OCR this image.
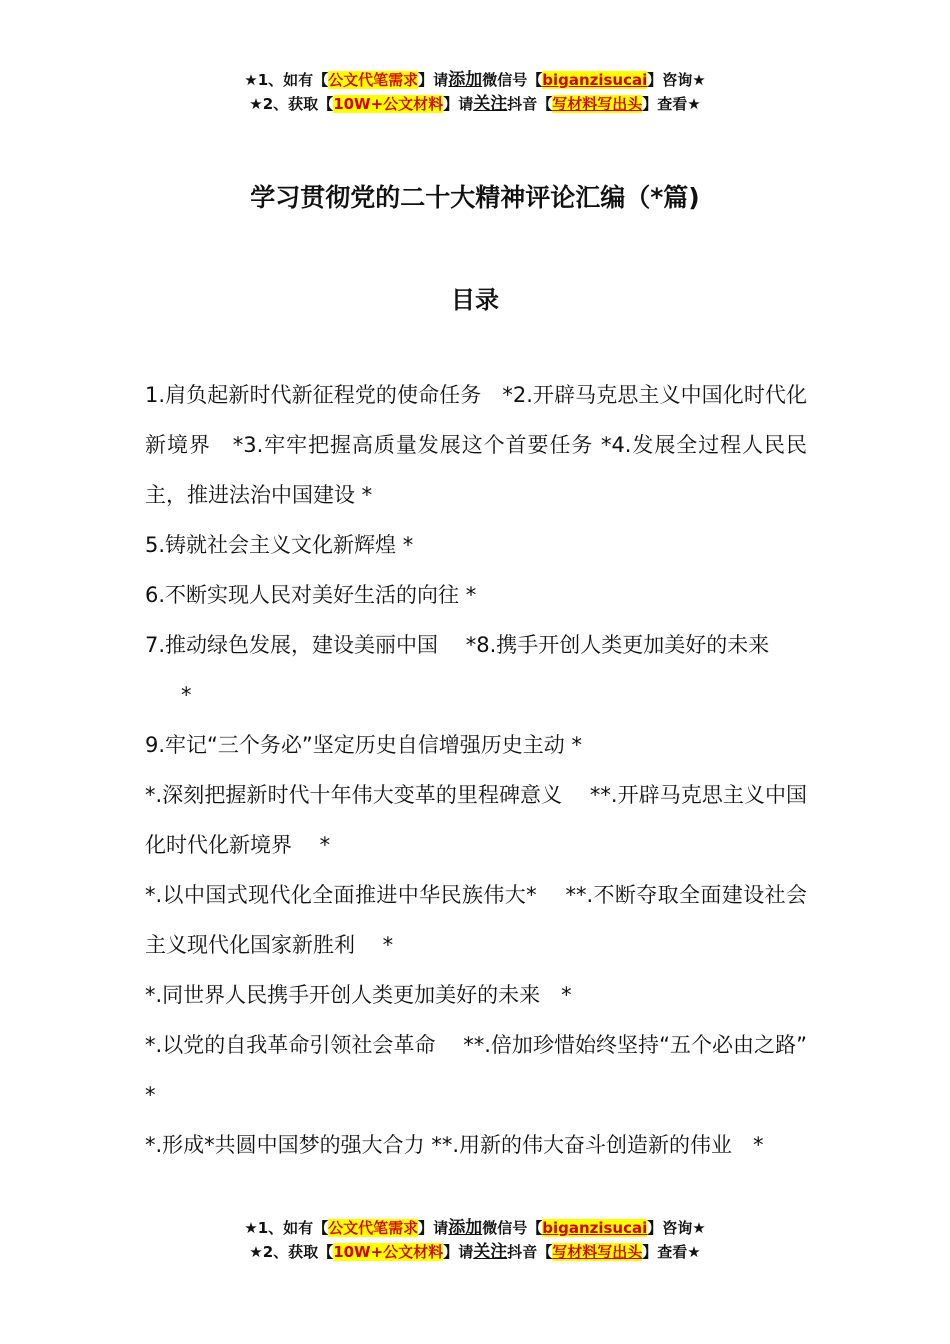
★1、如有【公文代笔需求】请添加微信号【biganzisucai】咨询★
★2、获取【10W+公文材料】请关注抖音【写材料写出头】查看★
学习贯彻党的二十大精神评论汇编（*篇)
目录

1.肩负起新时代新征程党的使命任务　*2.开辟马克思主义中国化时代化新境界　*3.牢牢把握高质量发展这个首要任务 *4.发展全过程人民民主，推进法治中国建设 *

5.铸就社会主义文化新辉煌 *

6.不断实现人民对美好生活的向往 *

7.推动绿色发展，建设美丽中国　 *8.携手开创人类更加美好的未来

*

9.牢记“三个务必”坚定历史自信增强历史主动 *

*.深刻把握新时代十年伟大变革的里程碑意义　 **.开辟马克思主义中国化时代化新境界　 *

*.以中国式现代化全面推进中华民族伟大*　 **.不断夺取全面建设社会主义现代化国家新胜利　 *

*.同世界人民携手开创人类更加美好的未来　*

*.以党的自我革命引领社会革命　 **.倍加珍惜始终坚持“五个必由之路”　 *

*.形成*共圆中国梦的强大合力 **.用新的伟大奋斗创造新的伟业　*

★1、如有【公文代笔需求】请添加微信号【biganzisucai】咨询★
★2、获取【10W+公文材料】请关注抖音【写材料写出头】查看★
